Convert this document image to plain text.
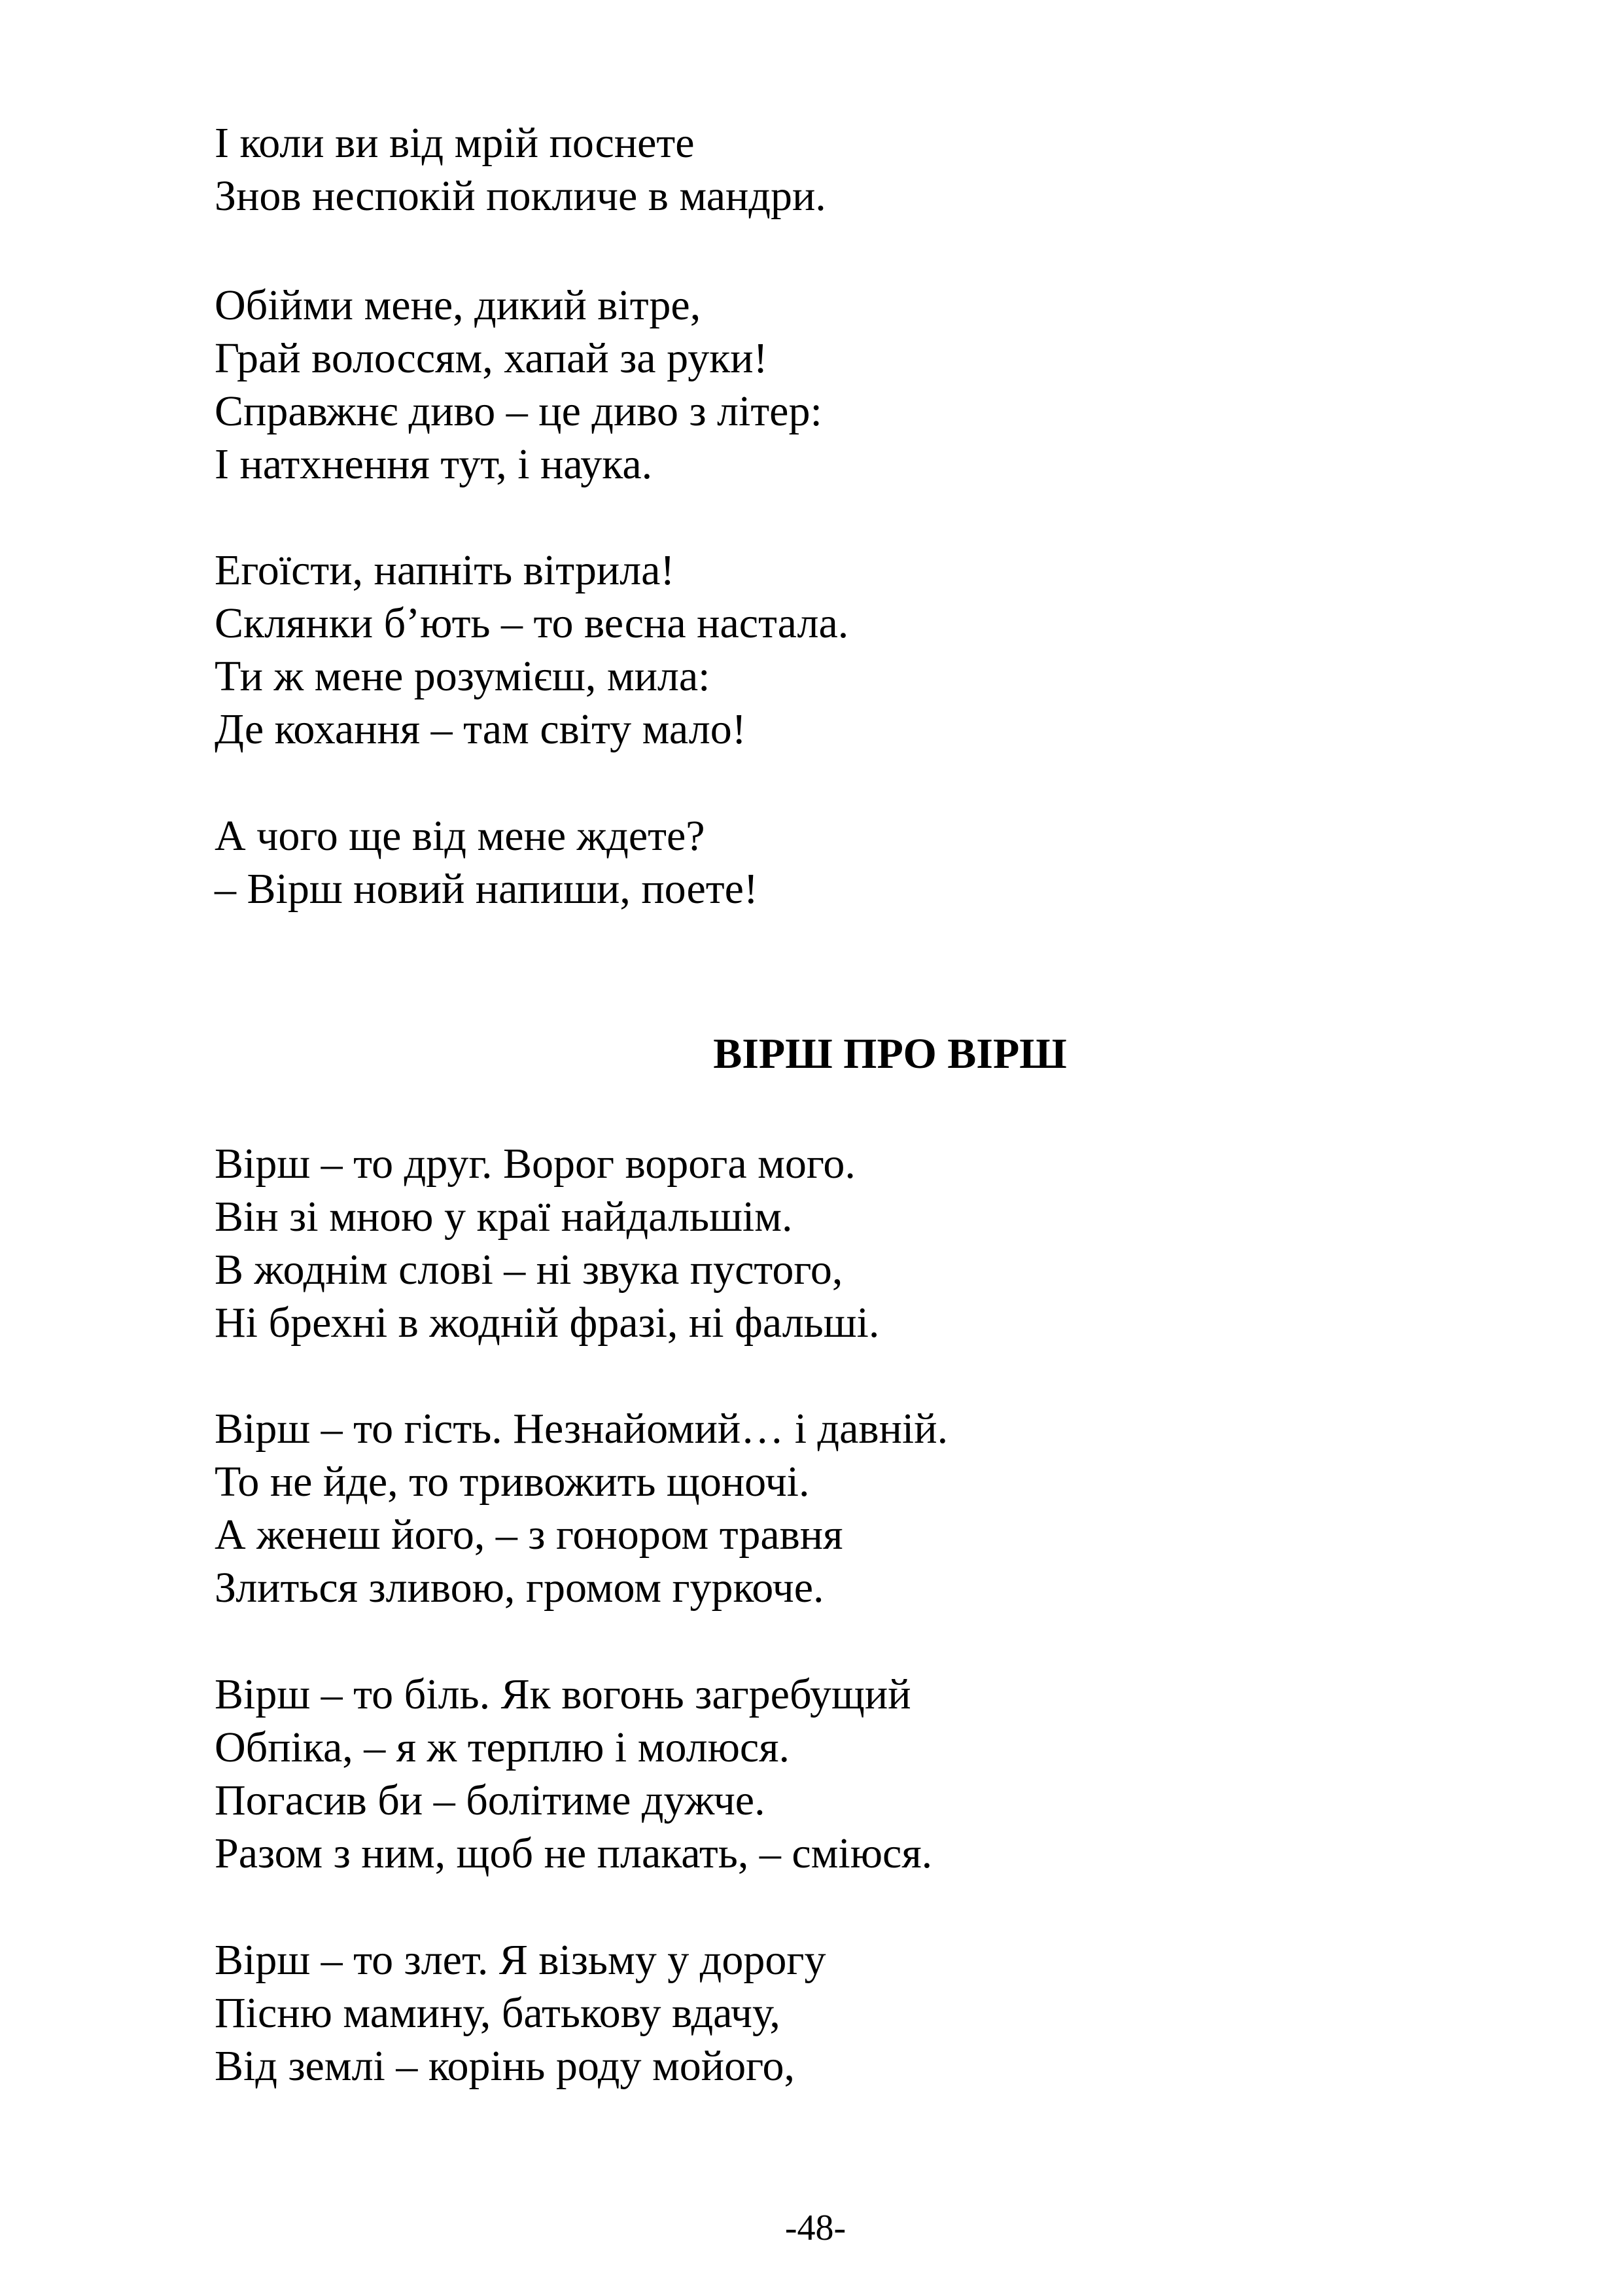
І коли ви від мрій поснете
Знов неспокій покличе в мандри.
Обійми мене, дикий вітре,
Грай волоссям, хапай за руки!
Справжнє диво – це диво з літер:
І натхнення тут, і наука.
Егоїсти, напніть вітрила!
Склянки б’ють – то весна настала.
Ти ж мене розумієш, мила:
Де кохання – там світу мало!
А чого ще від мене ждете?
– Вірш новий напиши, поете!
ВІРШ ПРО ВІРШ
Вірш – то друг. Ворог ворога мого.
Він зі мною у краї найдальшім.
В жоднім слові – ні звука пустого,
Ні брехні в жодній фразі, ні фальші.
Вірш – то гість. Незнайомий… і давній.
То не йде, то тривожить щоночі.
А женеш його, – з гонором травня
Злиться зливою, громом гуркоче.
Вірш – то біль. Як вогонь загребущий
Обпіка, – я ж терплю і молюся.
Погасив би – болітиме дужче.
Разом з ним, щоб не плакать, – сміюся.
Вірш – то злет. Я візьму у дорогу
Пісню мамину, батькову вдачу,
Від землі – корінь роду мойого,
-48-
